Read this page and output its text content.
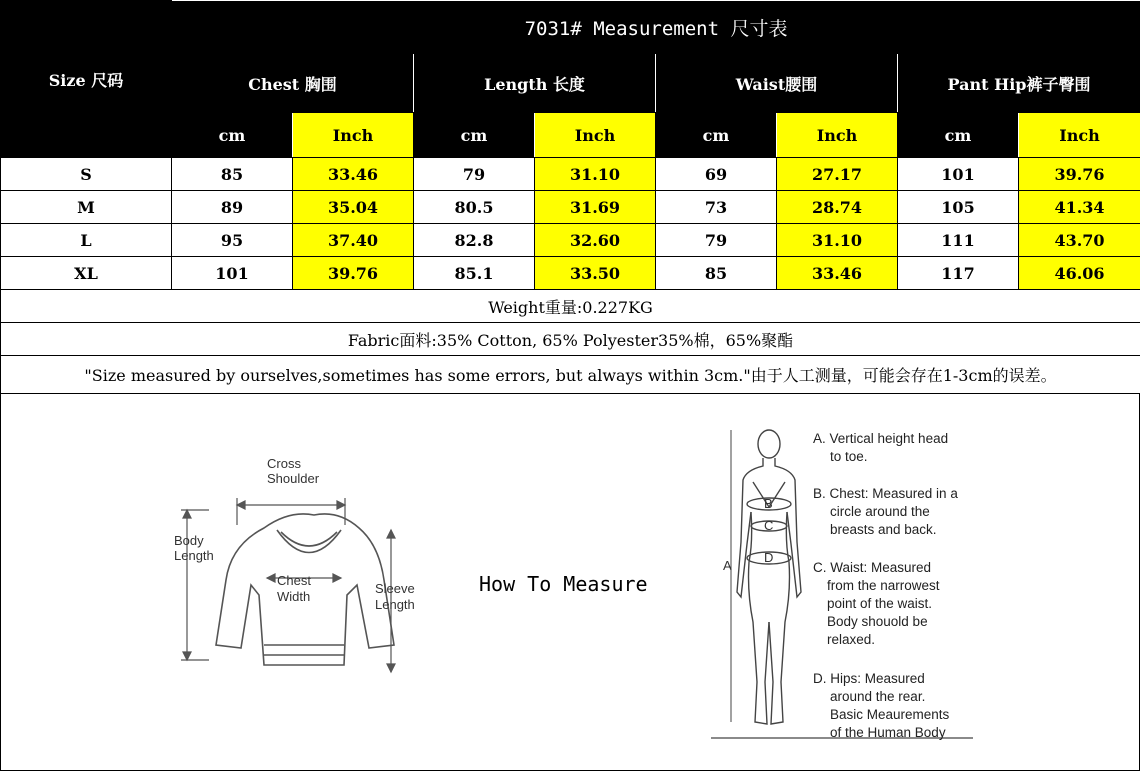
Size 尺码	7031# Measurement 尺寸表							
	Chest 胸围		Length 长度		Waist腰围		Pant Hip裤子臀围	
	cm	Inch	cm	Inch	cm	Inch	cm	Inch
S	85	33.46	79	31.10	69	27.17	101	39.76
M	89	35.04	80.5	31.69	73	28.74	105	41.34
L	95	37.40	82.8	32.60	79	31.10	111	43.70
XL	101	39.76	85.1	33.50	85	33.46	117	46.06
Weight重量:0.227KG								
Fabric面料:35% Cotton, 65% Polyester35%棉，65%聚酯								
"Size measured by ourselves,sometimes has some errors, but always within 3cm."由于人工测量，可能会存在1-3cm的误差。								
How To Measure
Cross
Shoulder
Body
Length
Chest
Width
Sleeve
Length
B
C
D
A
A. Vertical height head
to toe.
B. Chest: Measured in a
circle around the
breasts and back.
C. Waist: Measured
from the narrowest
point of the waist.
Body shouold be
relaxed.
D. Hips: Measured
around the rear.
Basic Meaurements
of the Human Body
